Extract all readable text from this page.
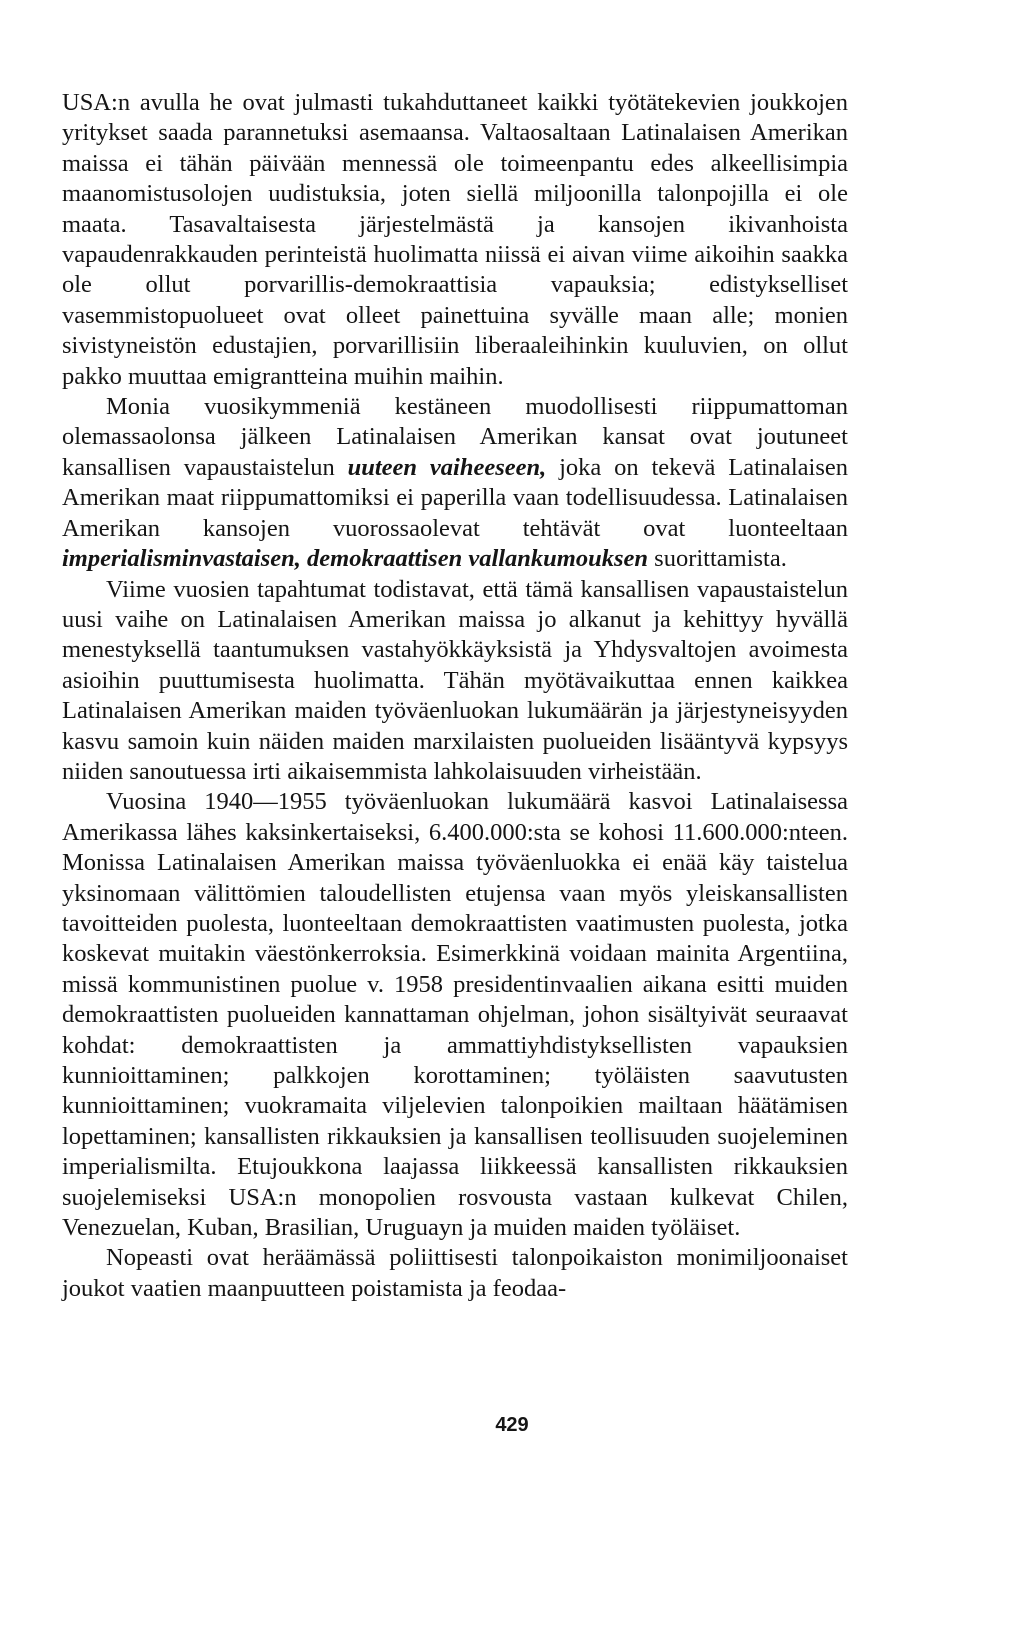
USA:n avulla he ovat julmasti tukahduttaneet kaikki työtätekevien joukkojen yritykset saada parannetuksi asemaansa. Valtaosaltaan Latinalaisen Amerikan maissa ei tähän päivään mennessä ole toimeenpantu edes alkeellisimpia maanomistusolojen uudistuksia, joten siellä miljoonilla talonpojilla ei ole maata. Tasavaltaisesta järjestelmästä ja kansojen ikivanhoista vapaudenrakkauden perinteistä huolimatta niissä ei aivan viime aikoihin saakka ole ollut porvarillis-demokraattisia vapauksia; edistykselliset vasemmistopuolueet ovat olleet painettuina syvälle maan alle; monien sivistyneistön edustajien, porvarillisiin liberaaleihinkin kuuluvien, on ollut pakko muuttaa emigrantteina muihin maihin.

Monia vuosikymmeniä kestäneen muodollisesti riippumattoman olemassaolonsa jälkeen Latinalaisen Amerikan kansat ovat joutuneet kansallisen vapaustaistelun uuteen vaiheeseen, joka on tekevä Latinalaisen Amerikan maat riippumattomiksi ei paperilla vaan todellisuudessa. Latinalaisen Amerikan kansojen vuorossaolevat tehtävät ovat luonteeltaan imperialisminvastaisen, demokraattisen vallankumouksen suorittamista.

Viime vuosien tapahtumat todistavat, että tämä kansallisen vapaustaistelun uusi vaihe on Latinalaisen Amerikan maissa jo alkanut ja kehittyy hyvällä menestyksellä taantumuksen vastahyökkäyksistä ja Yhdysvaltojen avoimesta asioihin puuttumisesta huolimatta. Tähän myötävaikuttaa ennen kaikkea Latinalaisen Amerikan maiden työväenluokan lukumäärän ja järjestyneisyyden kasvu samoin kuin näiden maiden marxilaisten puolueiden lisääntyvä kypsyys niiden sanoutuessa irti aikaisemmista lahkolaisuuden virheistään.

Vuosina 1940—1955 työväenluokan lukumäärä kasvoi Latinalaisessa Amerikassa lähes kaksinkertaiseksi, 6.400.000:sta se kohosi 11.600.000:nteen. Monissa Latinalaisen Amerikan maissa työväenluokka ei enää käy taistelua yksinomaan välittömien taloudellisten etujensa vaan myös yleiskansallisten tavoitteiden puolesta, luonteeltaan demokraattisten vaatimusten puolesta, jotka koskevat muitakin väestönkerroksia. Esimerkkinä voidaan mainita Argentiina, missä kommunistinen puolue v. 1958 presidentinvaalien aikana esitti muiden demokraattisten puolueiden kannattaman ohjelman, johon sisältyivät seuraavat kohdat: demokraattisten ja ammattiyhdistyksellisten vapauksien kunnioittaminen; palkkojen korottaminen; työläisten saavutusten kunnioittaminen; vuokramaita viljelevien talonpoikien mailtaan häätämisen lopettaminen; kansallisten rikkauksien ja kansallisen teollisuuden suojeleminen imperialismilta. Etujoukkona laajassa liikkeessä kansallisten rikkauksien suojelemiseksi USA:n monopolien rosvousta vastaan kulkevat Chilen, Venezuelan, Kuban, Brasilian, Uruguayn ja muiden maiden työläiset.

Nopeasti ovat heräämässä poliittisesti talonpoikaiston monimiljoonaiset joukot vaatien maanpuutteen poistamista ja feodaa-

429
